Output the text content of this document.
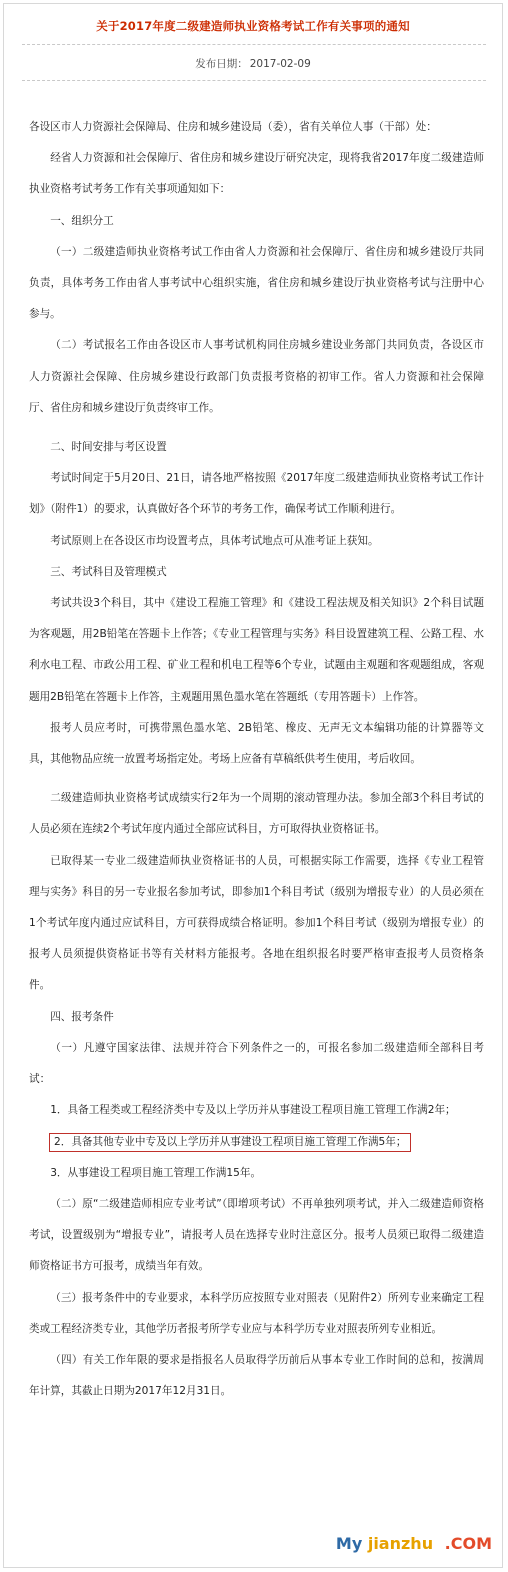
关于2017年度二级建造师执业资格考试工作有关事项的通知
发布日期： 2017-02-09

各设区市人力资源社会保障局、住房和城乡建设局（委），省有关单位人事（干部）处：

经省人力资源和社会保障厅、省住房和城乡建设厅研究决定，现将我省2017年度二级建造师执业资格考试考务工作有关事项通知如下：

一、组织分工

（一）二级建造师执业资格考试工作由省人力资源和社会保障厅、省住房和城乡建设厅共同负责，具体考务工作由省人事考试中心组织实施，省住房和城乡建设厅执业资格考试与注册中心参与。

（二）考试报名工作由各设区市人事考试机构同住房城乡建设业务部门共同负责，各设区市人力资源社会保障、住房城乡建设行政部门负责报考资格的初审工作。省人力资源和社会保障厅、省住房和城乡建设厅负责终审工作。

二、时间安排与考区设置

考试时间定于5月20日、21日，请各地严格按照《2017年度二级建造师执业资格考试工作计划》（附件1）的要求，认真做好各个环节的考务工作，确保考试工作顺利进行。

考试原则上在各设区市均设置考点，具体考试地点可从准考证上获知。

三、考试科目及管理模式

考试共设3个科目，其中《建设工程施工管理》和《建设工程法规及相关知识》2个科目试题为客观题，用2B铅笔在答题卡上作答；《专业工程管理与实务》科目设置建筑工程、公路工程、水利水电工程、市政公用工程、矿业工程和机电工程等6个专业，试题由主观题和客观题组成，客观题用2B铅笔在答题卡上作答，主观题用黑色墨水笔在答题纸（专用答题卡）上作答。

报考人员应考时，可携带黑色墨水笔、2B铅笔、橡皮、无声无文本编辑功能的计算器等文具，其他物品应统一放置考场指定处。考场上应备有草稿纸供考生使用，考后收回。

二级建造师执业资格考试成绩实行2年为一个周期的滚动管理办法。参加全部3个科目考试的人员必须在连续2个考试年度内通过全部应试科目，方可取得执业资格证书。

已取得某一专业二级建造师执业资格证书的人员，可根据实际工作需要，选择《专业工程管理与实务》科目的另一专业报名参加考试，即参加1个科目考试（级别为增报专业）的人员必须在1个考试年度内通过应试科目，方可获得成绩合格证明。参加1个科目考试（级别为增报专业）的报考人员须提供资格证书等有关材料方能报考。各地在组织报名时要严格审查报考人员资格条件。

四、报考条件

（一）凡遵守国家法律、法规并符合下列条件之一的，可报名参加二级建造师全部科目考试：

1．具备工程类或工程经济类中专及以上学历并从事建设工程项目施工管理工作满2年；

2．具备其他专业中专及以上学历并从事建设工程项目施工管理工作满5年；

3．从事建设工程项目施工管理工作满15年。

（二）原“二级建造师相应专业考试”（即增项考试）不再单独列项考试，并入二级建造师资格考试，设置级别为“增报专业”，请报考人员在选择专业时注意区分。报考人员须已取得二级建造师资格证书方可报考，成绩当年有效。

（三）报考条件中的专业要求，本科学历应按照专业对照表（见附件2）所列专业来确定工程类或工程经济类专业，其他学历者报考所学专业应与本科学历专业对照表所列专业相近。

（四）有关工作年限的要求是指报名人员取得学历前后从事本专业工作时间的总和，按满周年计算，其截止日期为2017年12月31日。

My jianzhu .COM
